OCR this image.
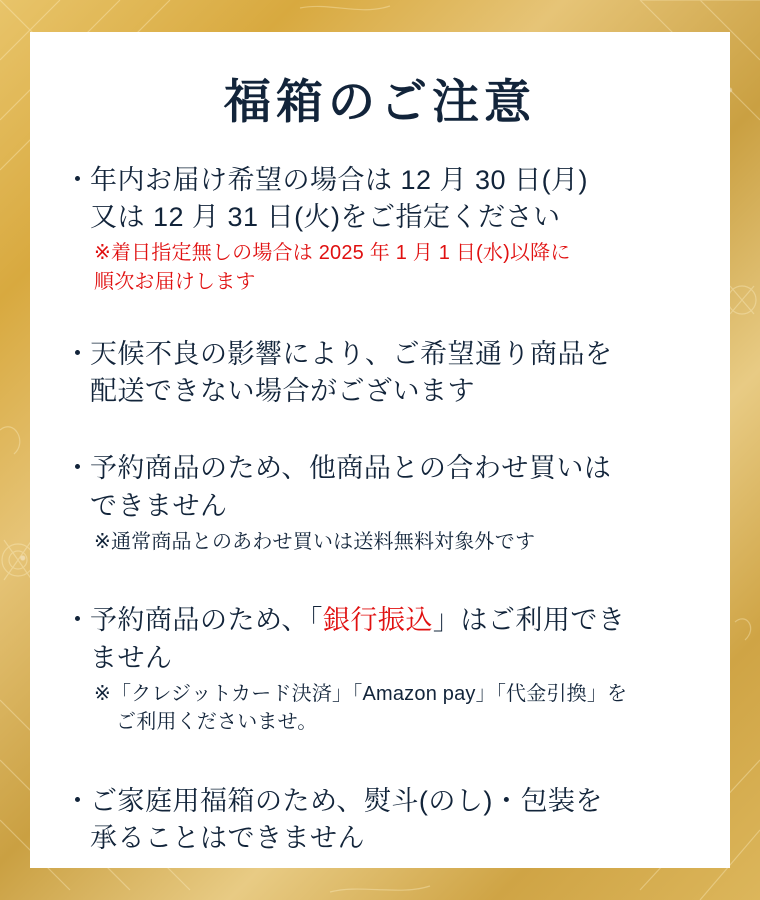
福箱のご注意
・
年内お届け希望の場合は 12 月 30 日(月)
又は 12 月 31 日(火)をご指定ください
※着日指定無しの場合は 2025 年 1 月 1 日(水)以降に
順次お届けします
・
天候不良の影響により、ご希望通り商品を
配送できない場合がございます
・
予約商品のため、他商品との合わせ買いは
できません
※通常商品とのあわせ買いは送料無料対象外です
・
予約商品のため、「銀行振込」はご利用でき
ません
※「クレジットカード決済」「Amazon pay」「代金引換」を
ご利用くださいませ。
・
ご家庭用福箱のため、熨斗(のし)・包装を
承ることはできません
